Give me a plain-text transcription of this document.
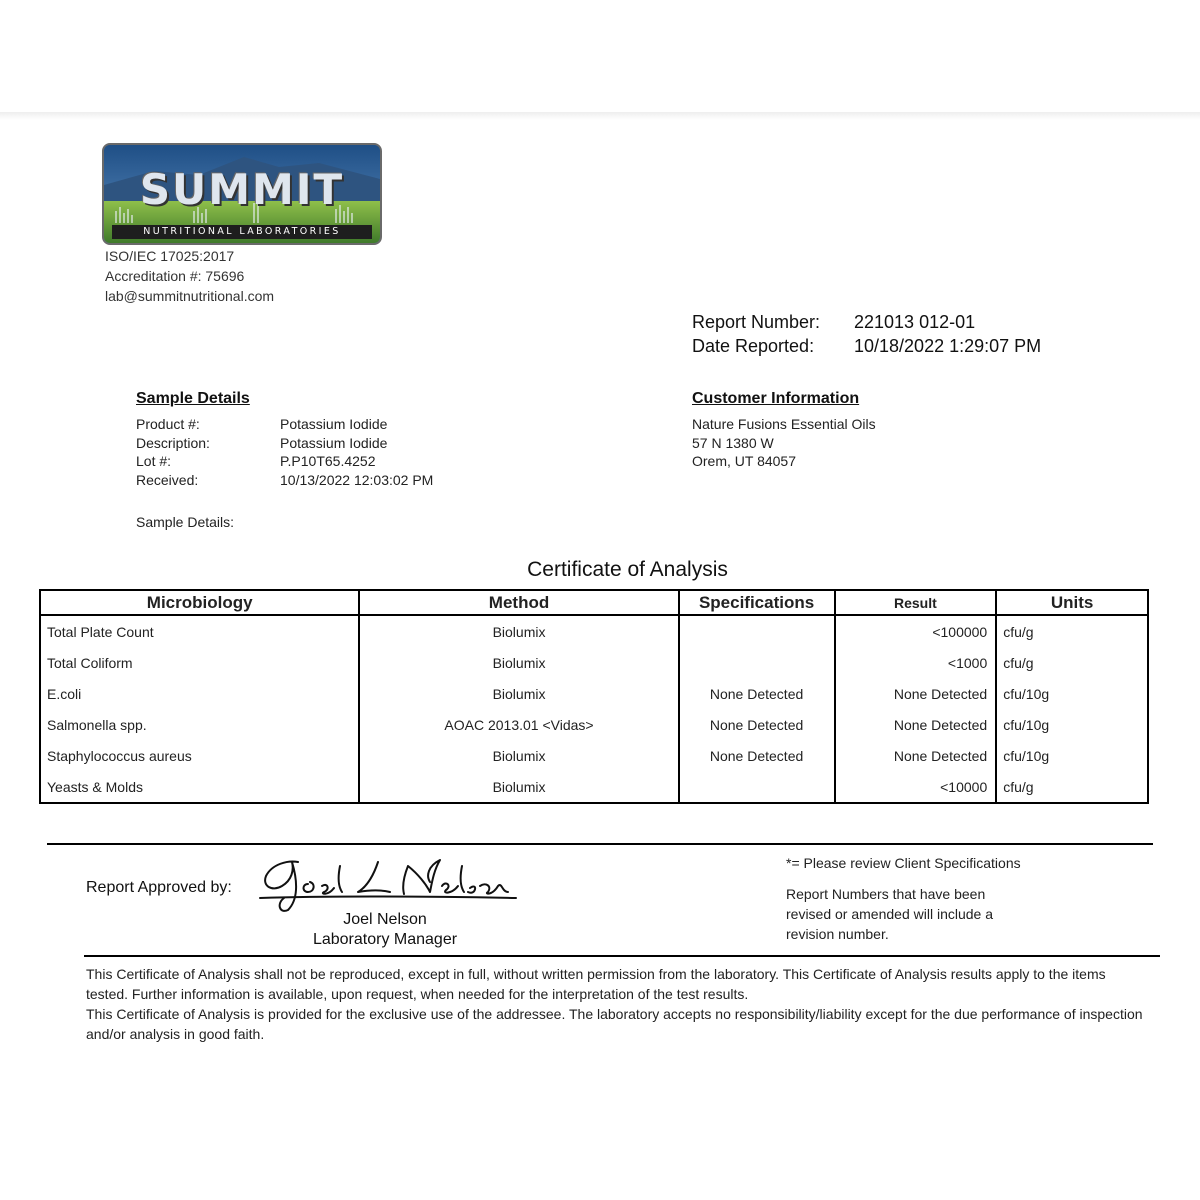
SUMMIT
NUTRITIONAL LABORATORIES
ISO/IEC 17025:2017
Accreditation #: 75696
lab@summitnutritional.com
Report Number:	221013 012-01
Date Reported:	10/18/2022 1:29:07 PM
Sample Details
Product #:	Potassium Iodide
Description:	Potassium Iodide
Lot #:	P.P10T65.4252
Received:	10/13/2022 12:03:02 PM
Customer Information
Nature Fusions Essential Oils
57 N 1380 W
Orem, UT 84057
Sample Details:
Certificate of Analysis
Microbiology	Method	Specifications	Result	Units
Total Plate Count	Biolumix		<100000	cfu/g
Total Coliform	Biolumix		<1000	cfu/g
E.coli	Biolumix	None Detected	None Detected	cfu/10g
Salmonella spp.	AOAC 2013.01 <Vidas>	None Detected	None Detected	cfu/10g
Staphylococcus aureus	Biolumix	None Detected	None Detected	cfu/10g
Yeasts & Molds	Biolumix		<10000	cfu/g
Report Approved by:
Joel Nelson
Laboratory Manager
*= Please review Client Specifications
Report Numbers that have been revised or amended will include a revision number.
This Certificate of Analysis shall not be reproduced, except in full, without written permission from the laboratory. This Certificate of Analysis results apply to the items tested. Further information is available, upon request, when needed for the interpretation of the test results.
This Certificate of Analysis is provided for the exclusive use of the addressee. The laboratory accepts no responsibility/liability except for the due performance of inspection and/or analysis in good faith.
